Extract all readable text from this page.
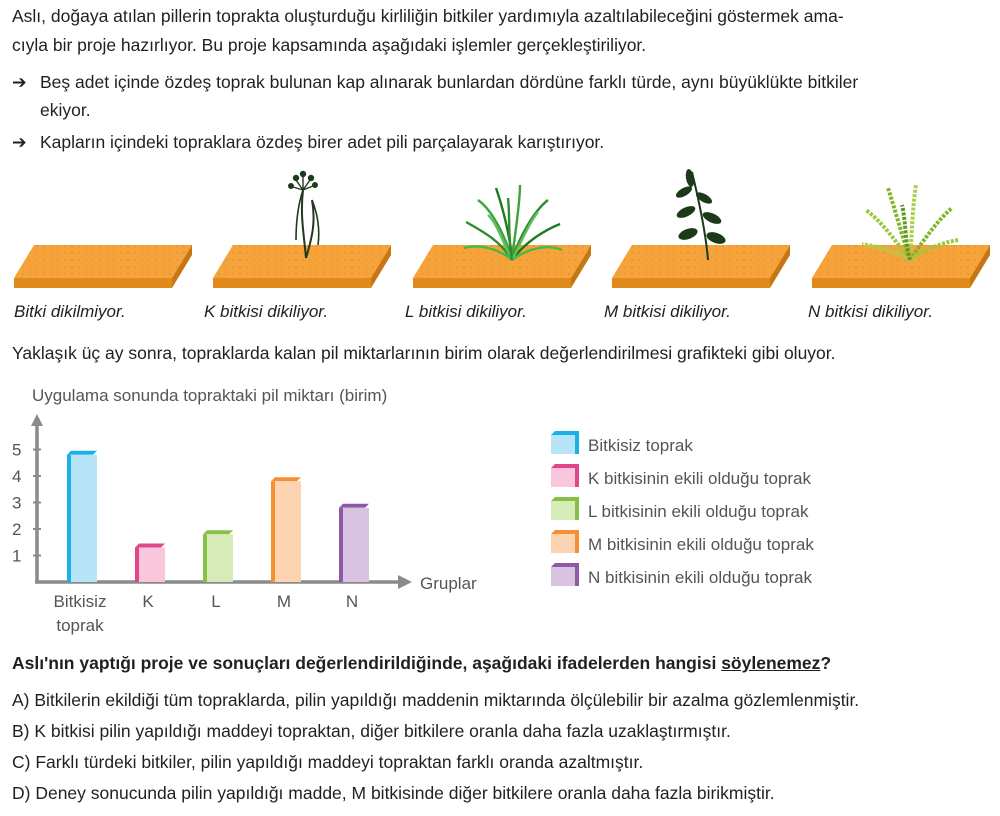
Aslı, doğaya atılan pillerin toprakta oluşturduğu kirliliğin bitkiler yardımıyla azaltılabileceğini göstermek ama-
cıyla bir proje hazırlıyor. Bu proje kapsamında aşağıdaki işlemler gerçekleştiriliyor.
➔ Beş adet içinde özdeş toprak bulunan kap alınarak bunlardan dördüne farklı türde, aynı büyüklükte bitkiler
ekiyor.
➔ Kapların içindeki topraklara özdeş birer adet pili parçalayarak karıştırıyor.
Bitki dikilmiyor.	K bitkisi dikiliyor.	L bitkisi dikiliyor.	M bitkisi dikiliyor.	N bitkisi dikiliyor.
Yaklaşık üç ay sonra, topraklarda kalan pil miktarlarının birim olarak değerlendirilmesi grafikteki gibi oluyor.
Uygulama sonunda topraktaki pil miktarı (birim)
Gruplar
1
2
3
4
5
Bitkisiz
toprak
K	L	M	N
Bitkisiz toprak
K bitkisinin ekili olduğu toprak
L bitkisinin ekili olduğu toprak
M bitkisinin ekili olduğu toprak
N bitkisinin ekili olduğu toprak
Aslı'nın yaptığı proje ve sonuçları değerlendirildiğinde, aşağıdaki ifadelerden hangisi söylenemez?
A) Bitkilerin ekildiği tüm topraklarda, pilin yapıldığı maddenin miktarında ölçülebilir bir azalma gözlemlenmiştir.
B) K bitkisi pilin yapıldığı maddeyi topraktan, diğer bitkilere oranla daha fazla uzaklaştırmıştır.
C) Farklı türdeki bitkiler, pilin yapıldığı maddeyi topraktan farklı oranda azaltmıştır.
D) Deney sonucunda pilin yapıldığı madde, M bitkisinde diğer bitkilere oranla daha fazla birikmiştir.
